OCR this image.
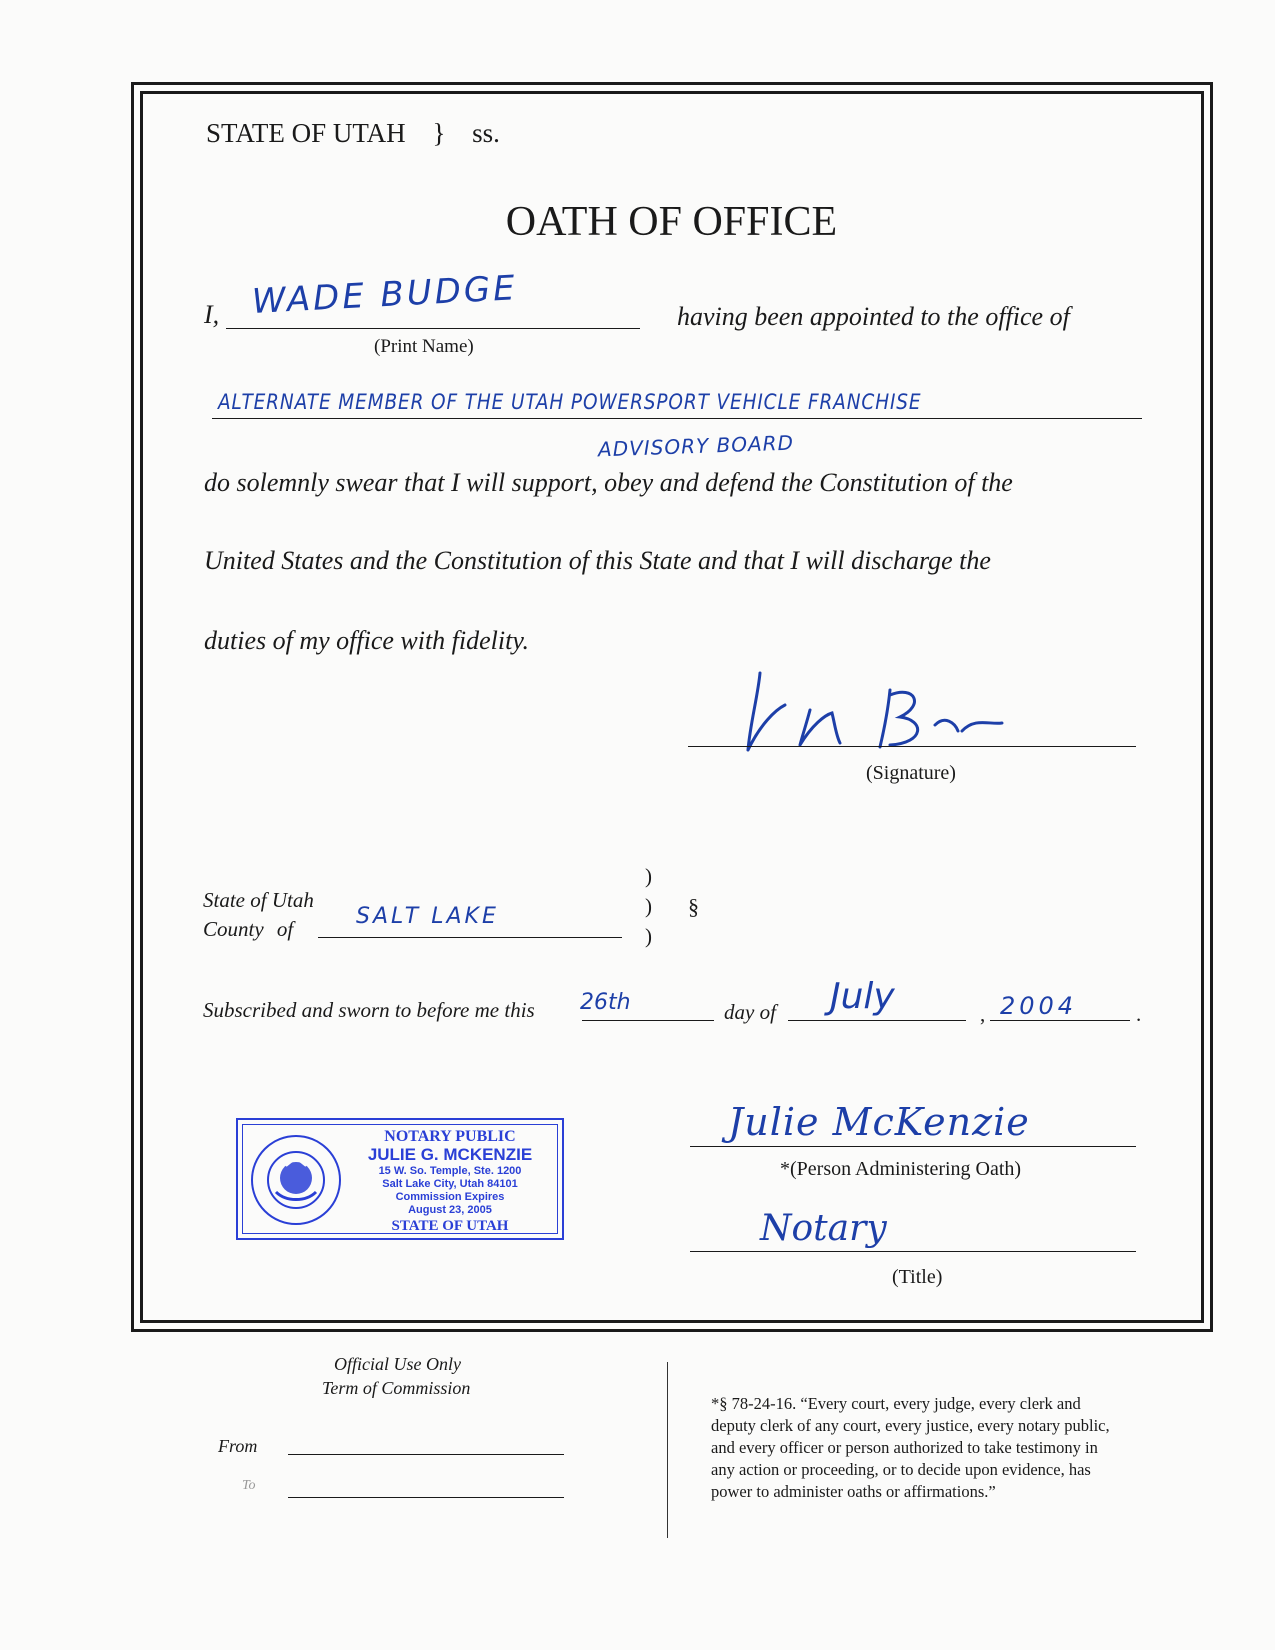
STATE OF UTAH } ss.
OATH OF OFFICE
I, WADE BUDGE
(Print Name)
having been appointed to the office of
ALTERNATE MEMBER OF THE UTAH POWERSPORT VEHICLE FRANCHISE
ADVISORY BOARD
do solemnly swear that I will support, obey and defend the Constitution of the
United States and the Constitution of this State and that I will discharge the
duties of my office with fidelity.
(Signature)
State of Utah
County of	SALT LAKE
)
)
)
§
Subscribed and sworn to before me this 26th	day of July	, 2004	.
NOTARY PUBLIC
JULIE G. MCKENZIE
15 W. So. Temple, Ste. 1200
Salt Lake City, Utah 84101
Commission Expires
August 23, 2005
STATE OF UTAH
Julie McKenzie
*(Person Administering Oath)
Notary
(Title)
Official Use Only
Term of Commission
From
To
*§ 78-24-16. “Every court, every judge, every clerk and
deputy clerk of any court, every justice, every notary public,
and every officer or person authorized to take testimony in
any action or proceeding, or to decide upon evidence, has
power to administer oaths or affirmations.”
